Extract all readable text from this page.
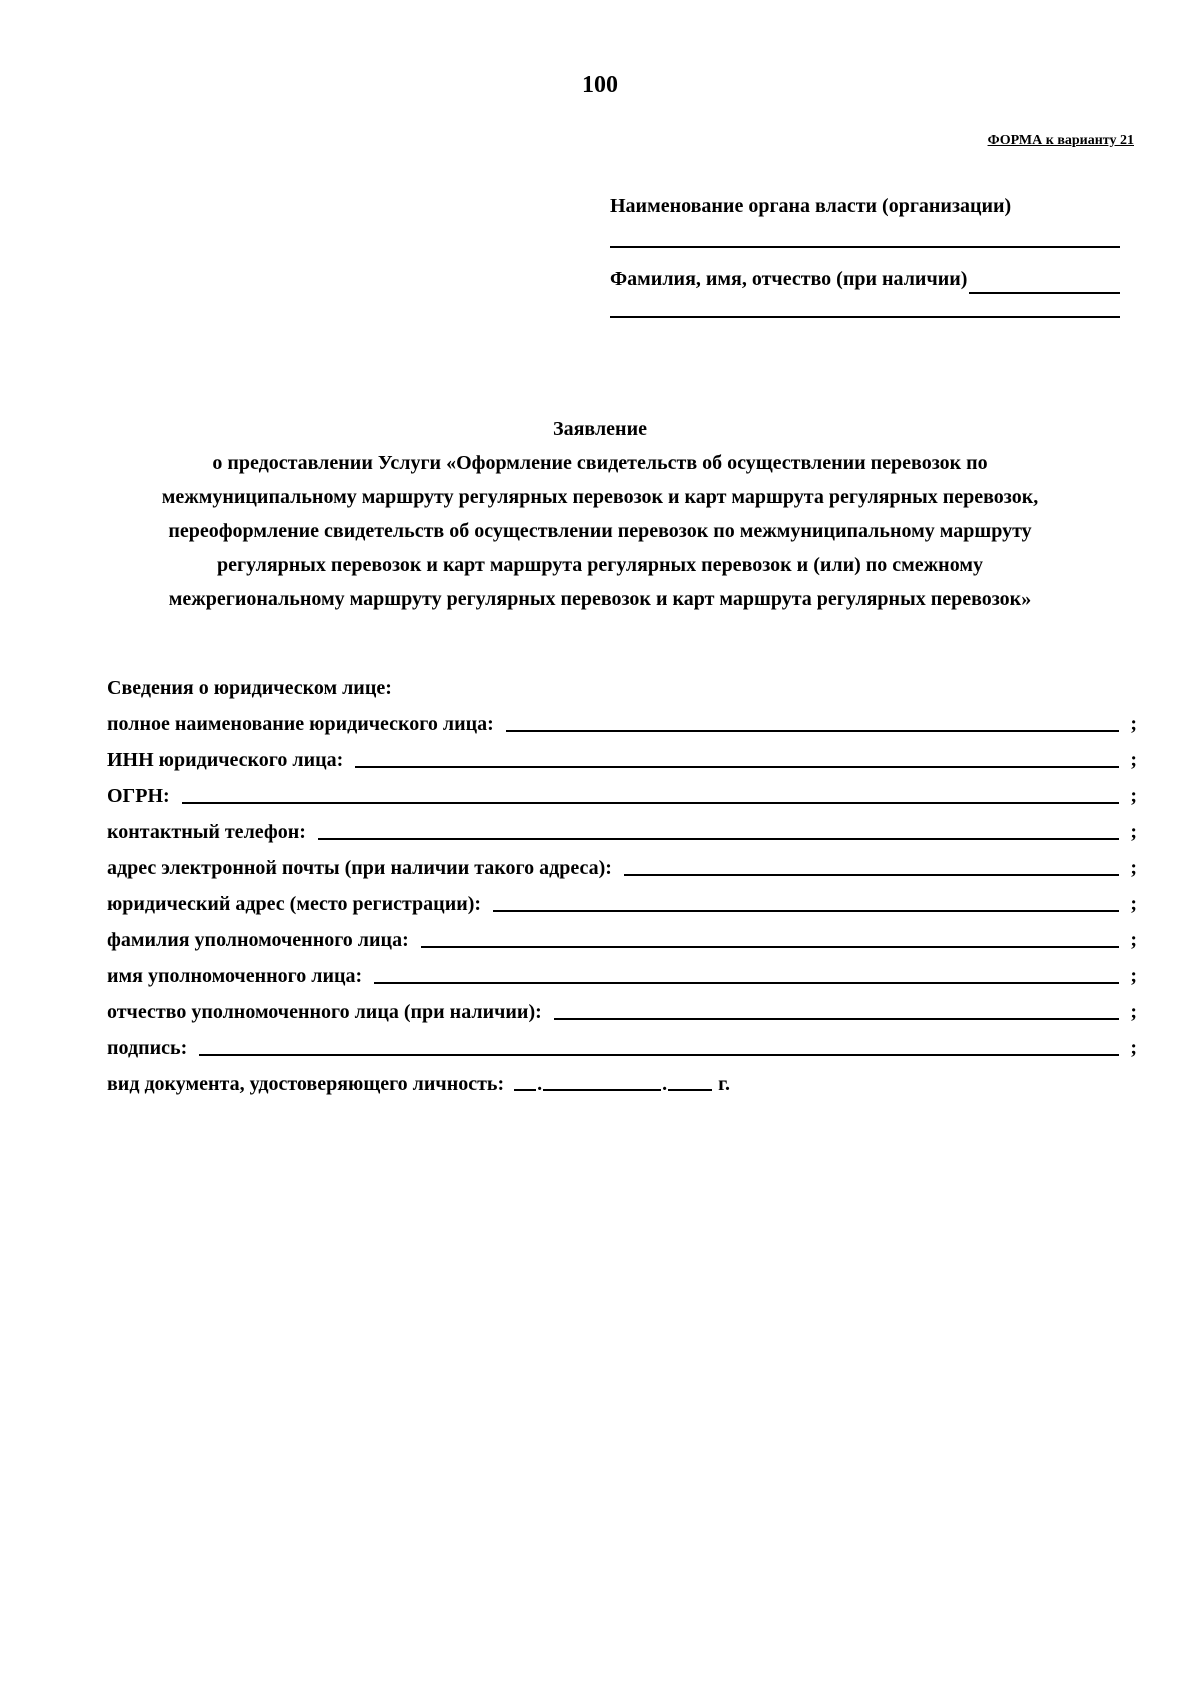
100
ФОРМА к варианту 21
Наименование органа власти (организации)
Фамилия, имя, отчество (при наличии)
Заявление
о предоставлении Услуги «Оформление свидетельств об осуществлении перевозок по
межмуниципальному маршруту регулярных перевозок и карт маршрута регулярных перевозок,
переоформление свидетельств об осуществлении перевозок по межмуниципальному маршруту
регулярных перевозок и карт маршрута регулярных перевозок и (или) по смежному
межрегиональному маршруту регулярных перевозок и карт маршрута регулярных перевозок»
Сведения о юридическом лице:
полное наименование юридического лица:	;
ИНН юридического лица:	;
ОГРН:	;
контактный телефон:	;
адрес электронной почты (при наличии такого адреса):	;
юридический адрес (место регистрации):	;
фамилия уполномоченного лица:	;
имя уполномоченного лица:	;
отчество уполномоченного лица (при наличии):	;
подпись:	;
вид документа, удостоверяющего личность: .	.	г.
